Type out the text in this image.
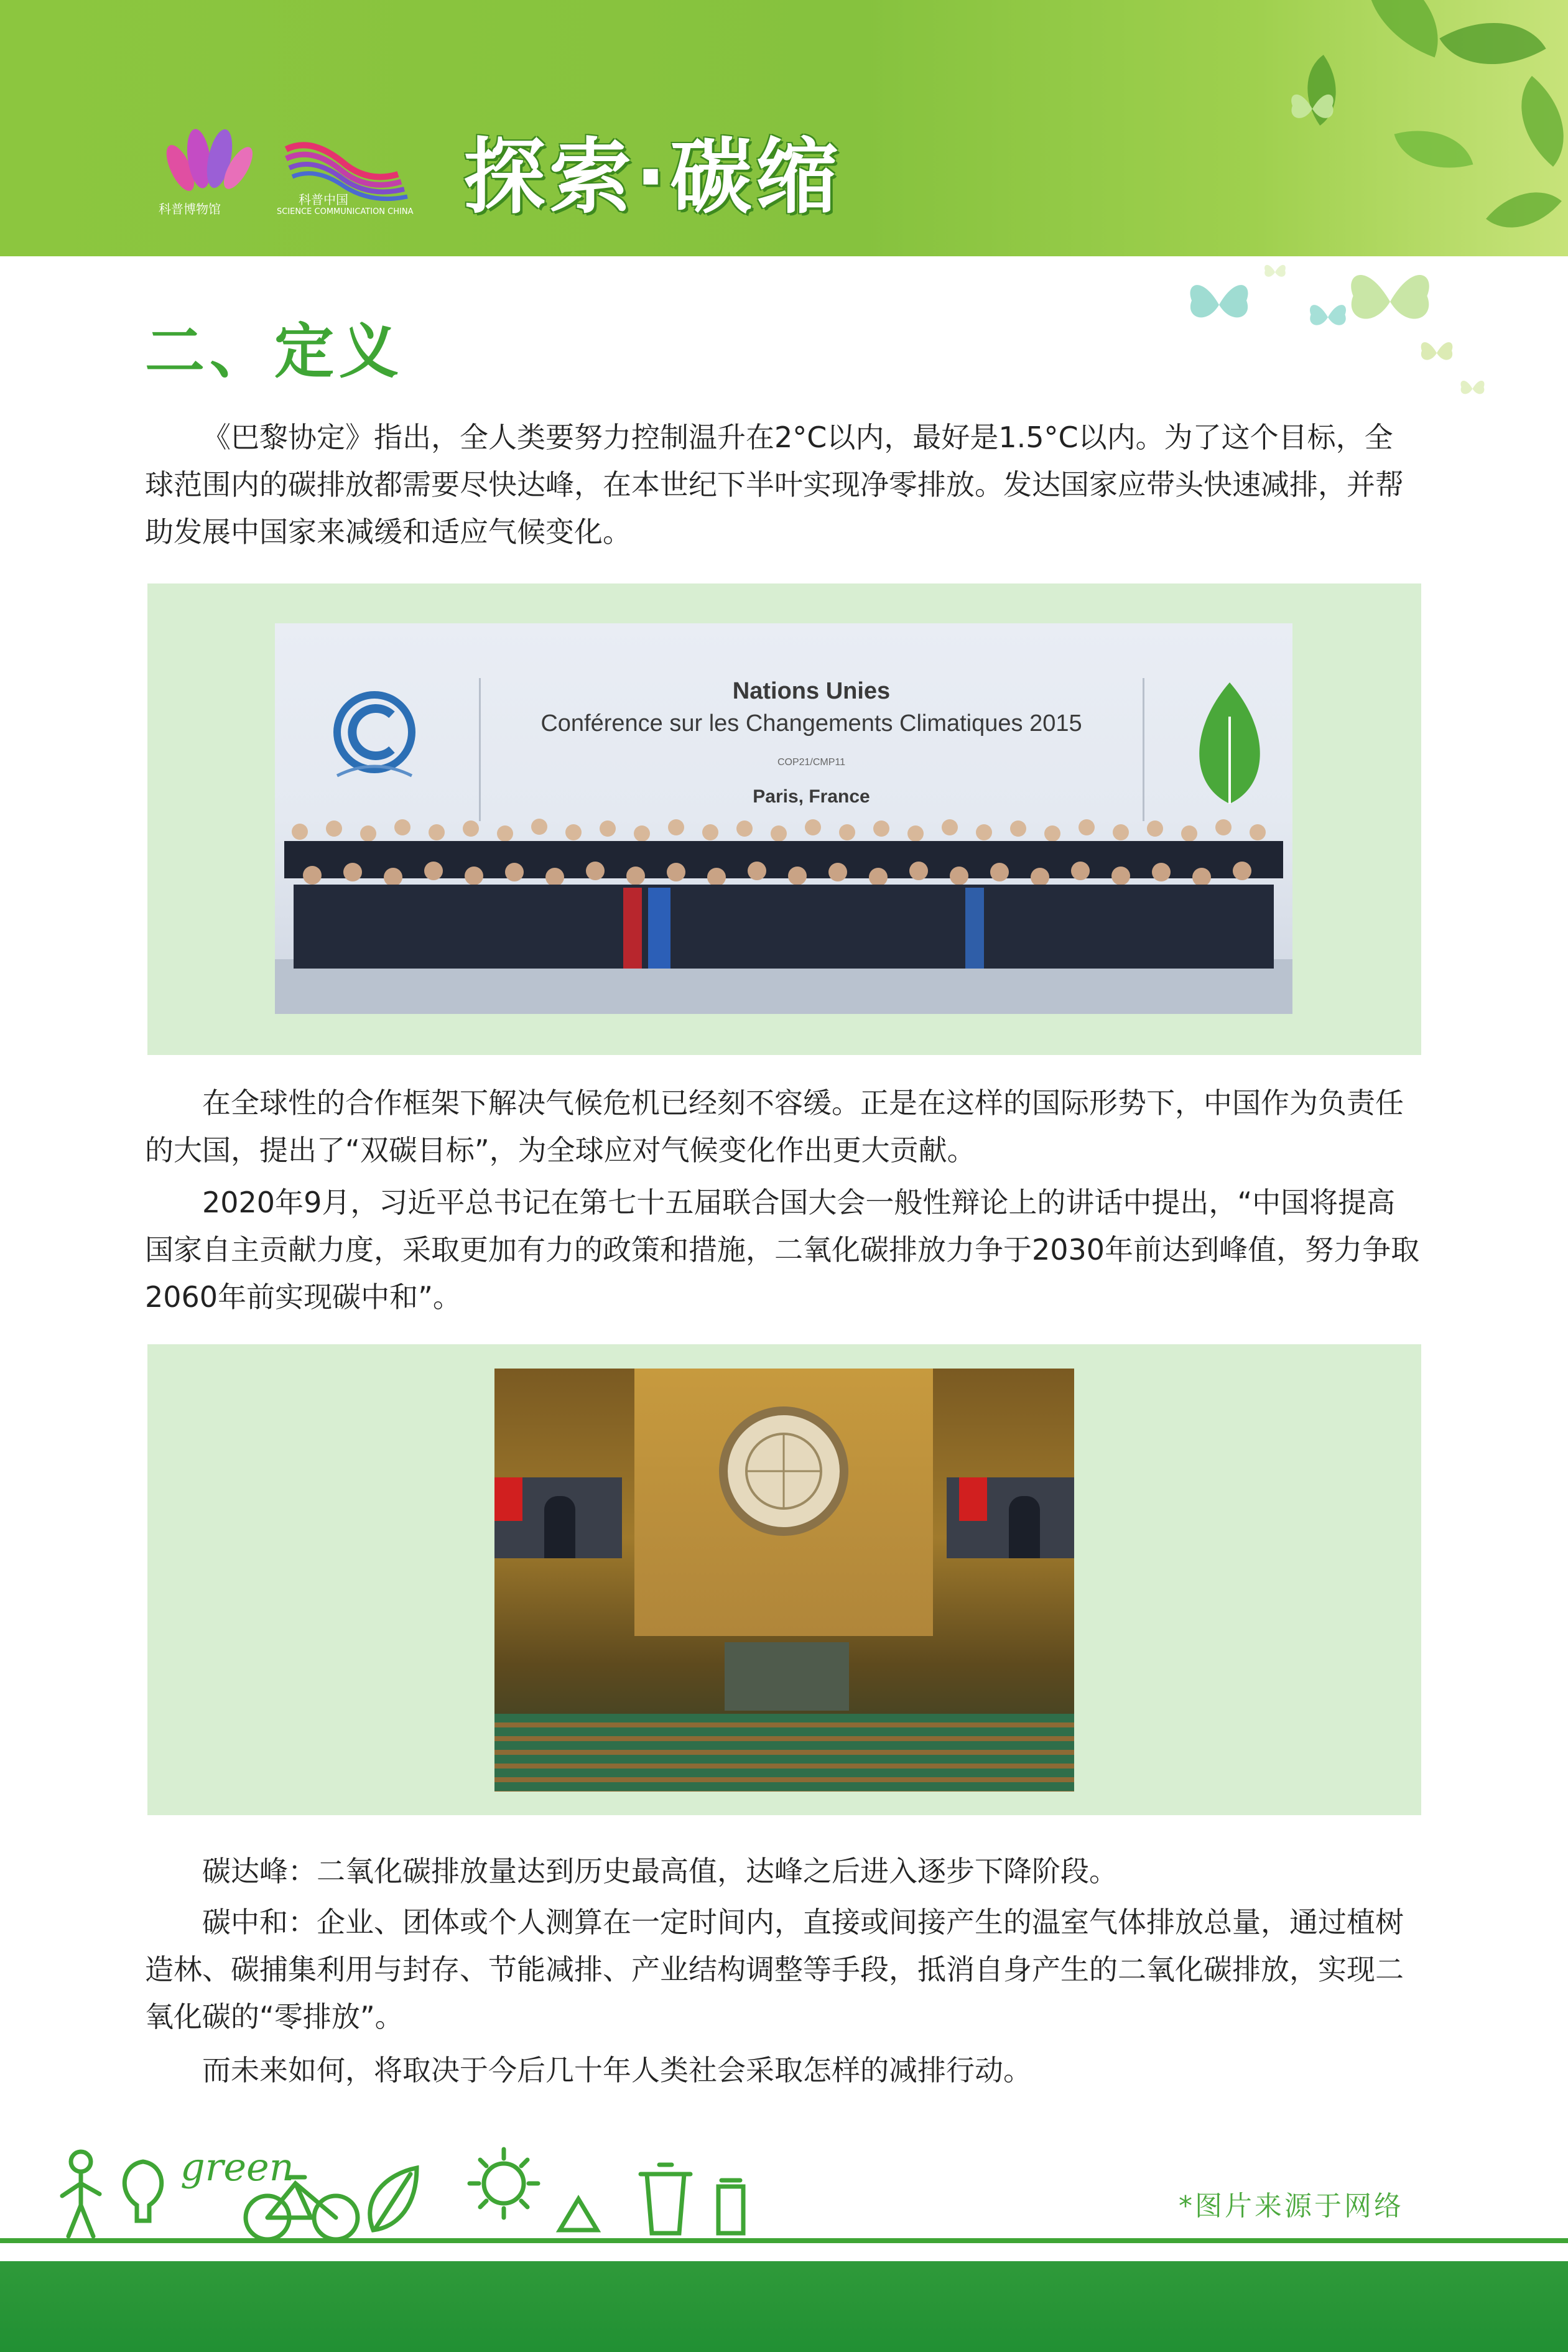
科普博物馆
科普中国
SCIENCE COMMUNICATION CHINA 探索·碳缩
二、定义

《巴黎协定》指出，全人类要努力控制温升在2°C以内，最好是1.5°C以内。为了这个目标，全球范围内的碳排放都需要尽快达峰，在本世纪下半叶实现净零排放。发达国家应带头快速减排，并帮助发展中国家来减缓和适应气候变化。

Nations Unies
Conférence sur les Changements Climatiques 2015
COP21/CMP11
Paris, France

在全球性的合作框架下解决气候危机已经刻不容缓。正是在这样的国际形势下，中国作为负责任的大国，提出了“双碳目标”，为全球应对气候变化作出更大贡献。

2020年9月，习近平总书记在第七十五届联合国大会一般性辩论上的讲话中提出，“中国将提高国家自主贡献力度，采取更加有力的政策和措施，二氧化碳排放力争于2030年前达到峰值，努力争取2060年前实现碳中和”。

碳达峰：二氧化碳排放量达到历史最高值，达峰之后进入逐步下降阶段。

碳中和：企业、团体或个人测算在一定时间内，直接或间接产生的温室气体排放总量，通过植树造林、碳捕集利用与封存、节能减排、产业结构调整等手段，抵消自身产生的二氧化碳排放，实现二氧化碳的“零排放”。

而未来如何，将取决于今后几十年人类社会采取怎样的减排行动。

green
*图片来源于网络
